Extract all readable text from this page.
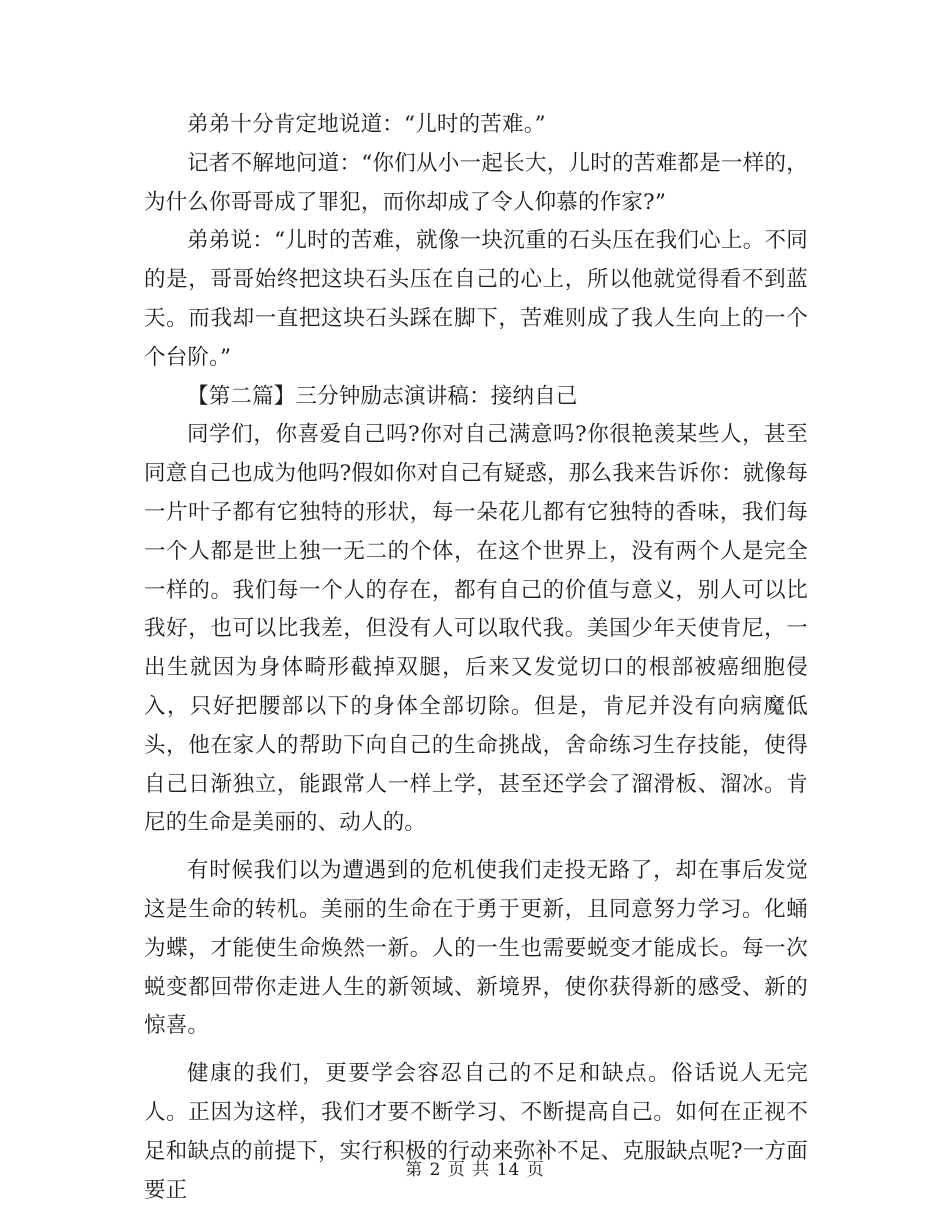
弟弟十分肯定地说道：“儿时的苦难。”

记者不解地问道：“你们从小一起长大，儿时的苦难都是一样的，为什么你哥哥成了罪犯，而你却成了令人仰慕的作家?”

弟弟说：“儿时的苦难，就像一块沉重的石头压在我们心上。不同的是，哥哥始终把这块石头压在自己的心上，所以他就觉得看不到蓝天。而我却一直把这块石头踩在脚下，苦难则成了我人生向上的一个个台阶。”

【第二篇】三分钟励志演讲稿：接纳自己

同学们，你喜爱自己吗?你对自己满意吗?你很艳羡某些人，甚至同意自己也成为他吗?假如你对自己有疑惑，那么我来告诉你：就像每一片叶子都有它独特的形状，每一朵花儿都有它独特的香味，我们每一个人都是世上独一无二的个体，在这个世界上，没有两个人是完全一样的。我们每一个人的存在，都有自己的价值与意义，别人可以比我好，也可以比我差，但没有人可以取代我。美国少年天使肯尼，一出生就因为身体畸形截掉双腿，后来又发觉切口的根部被癌细胞侵入，只好把腰部以下的身体全部切除。但是，肯尼并没有向病魔低头，他在家人的帮助下向自己的生命挑战，舍命练习生存技能，使得自己日渐独立，能跟常人一样上学，甚至还学会了溜滑板、溜冰。肯尼的生命是美丽的、动人的。

有时候我们以为遭遇到的危机使我们走投无路了，却在事后发觉这是生命的转机。美丽的生命在于勇于更新，且同意努力学习。化蛹为蝶，才能使生命焕然一新。人的一生也需要蜕变才能成长。每一次蜕变都回带你走进人生的新领域、新境界，使你获得新的感受、新的惊喜。

健康的我们，更要学会容忍自己的不足和缺点。俗话说人无完人。正因为这样，我们才要不断学习、不断提高自己。如何在正视不足和缺点的前提下，实行积极的行动来弥补不足、克服缺点呢?一方面要正

第 2 页 共 14 页
